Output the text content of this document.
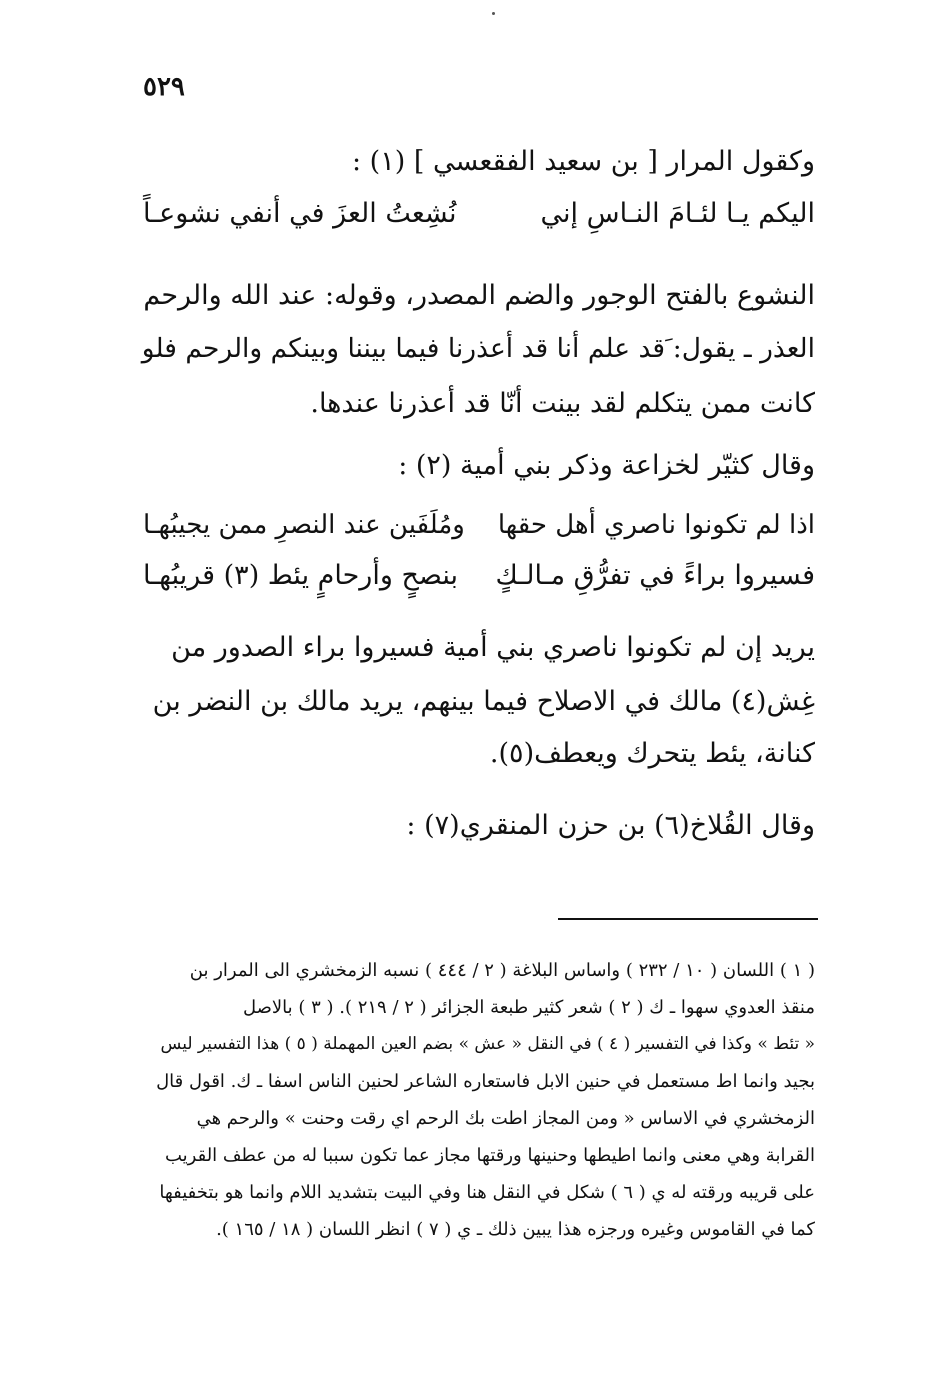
٥٢٩
وكقول المرار [ بن سعيد الفقعسي ] (١) :
اليكم يـا لئـامَ النـاسِ إني
نُشِعتُ العزَ في أنفي نشوعـاً
النشوع بالفتح الوجور والضم المصدر، وقوله: عند الله والرحم
العذر ـ يقول: َقد علم أنا قد أعذرنا فيما بيننا وبينكم والرحم فلو
كانت ممن يتكلم لقد بينت أنّا قد أعذرنا عندها.
وقال كثيّر لخزاعة وذكر بني أمية (٢) :
اذا لم تكونوا ناصري أهل حقها
ومُلَفَين عند النصرِ ممن يجيبُهـا
فسيروا براءً في تفرُّقِ مـالـكٍ
بنصحٍ وأرحامٍ يئط (٣) قريبُهـا
يريد إن لم تكونوا ناصري بني أمية فسيروا براء الصدور من
غِش(٤) مالك في الاصلاح فيما بينهم، يريد مالك بن النضر بن
كنانة، يئط يتحرك ويعطف(٥).
وقال القُلاخ(٦) بن حزن المنقري(٧) :
( ١ ) اللسان ( ١٠ / ٢٣٢ ) واساس البلاغة ( ٢ / ٤٤٤ ) نسبه الزمخشري الى المرار بن
منقذ العدوي سهوا ـ ك ( ٢ ) شعر كثير طبعة الجزائر ( ٢ / ٢١٩ ). ( ٣ ) بالاصل
« تئط » وكذا في التفسير ( ٤ ) في النقل « عش » بضم العين المهملة ( ٥ ) هذا التفسير ليس
بجيد وانما اط مستعمل في حنين الابل فاستعاره الشاعر لحنين الناس اسفا ـ ك. اقول قال
الزمخشري في الاساس « ومن المجاز اطت بك الرحم اي رقت وحنت » والرحم هي
القرابة وهي معنى وانما اطيطها وحنينها ورقتها مجاز عما تكون سببا له من عطف القريب
على قريبه ورقته له ي ( ٦ ) شكل في النقل هنا وفي البيت بتشديد اللام وانما هو بتخفيفها
كما في القاموس وغيره ورجزه هذا يبين ذلك ـ ي ( ٧ ) انظر اللسان ( ١٨ / ١٦٥ ).
